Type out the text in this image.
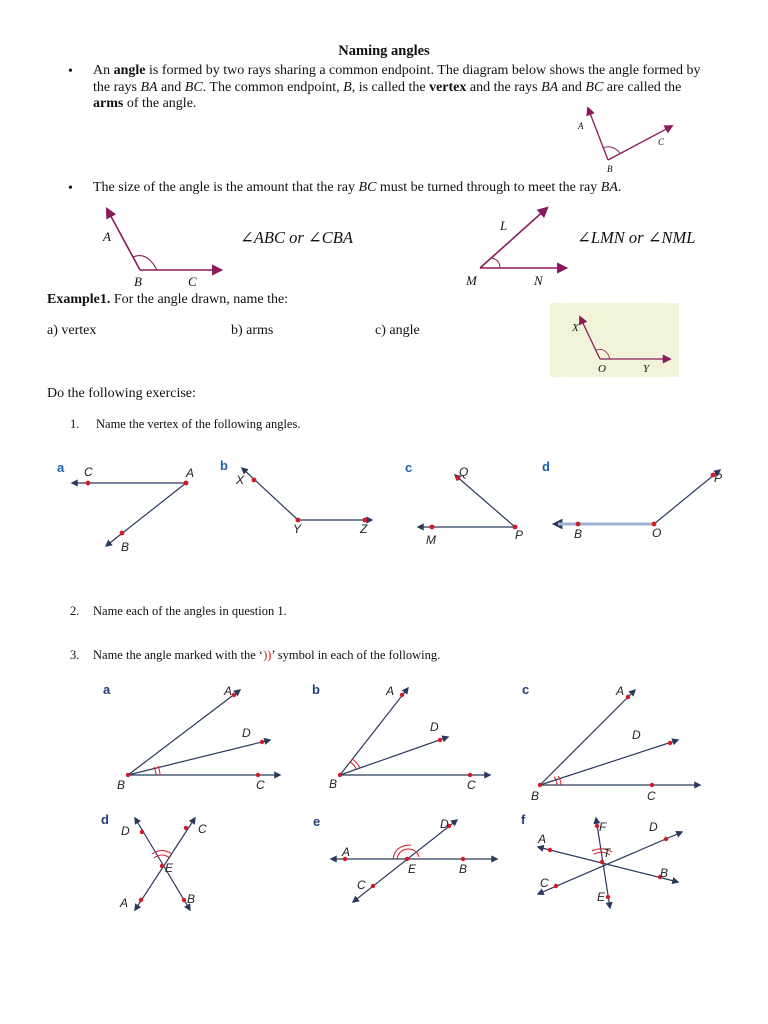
Naming angles
• An angle is formed by two rays sharing a common endpoint. The diagram below shows the angle formed by the rays BA and BC. The common endpoint, B, is called the vertex and the rays BA and BC are called the arms of the angle.
A
C
B
• The size of the angle is the amount that the ray BC must be turned through to meet the ray BA.
A
B	C
∠ABC or ∠CBA
L
M	N
∠LMN or ∠NML
Example1. For the angle drawn, name the:
a) vertex	b) arms	c) angle	X
O	Y
Do the following exercise:
1. Name the vertex of the following angles.
a C	A
B
b
X
Y	Z
c	Q
M	P
d
P
B	O
2. Name each of the angles in question 1.
3. Name the angle marked with the ‘))’ symbol in each of the following.
a	A
D
B	C
b	A
D
B	C
c	A
D
B	C
d
D	C
E
A	B
e	D
A
E	B
C
f	F	D
A
T
B
C
E
